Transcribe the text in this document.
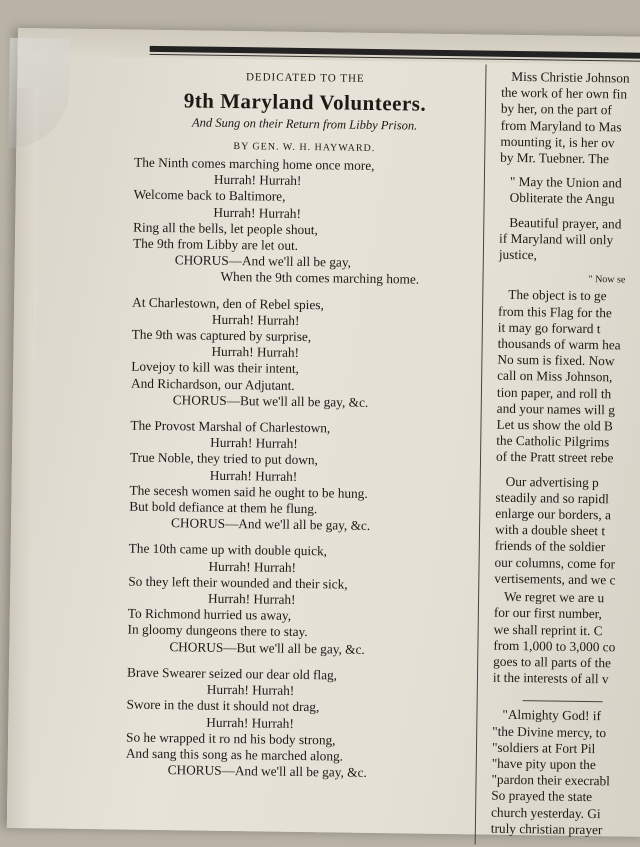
DEDICATED TO THE
9th Maryland Volunteers.
And Sung on their Return from Libby Prison.
BY GEN. W. H. HAYWARD.
The Ninth comes marching home once more,
Hurrah! Hurrah!
Welcome back to Baltimore,
Hurrah! Hurrah!
Ring all the bells, let people shout,
The 9th from Libby are let out.
CHORUS—And we'll all be gay,
When the 9th comes marching home.
At Charlestown, den of Rebel spies,
Hurrah! Hurrah!
The 9th was captured by surprise,
Hurrah! Hurrah!
Lovejoy to kill was their intent,
And Richardson, our Adjutant.
CHORUS—But we'll all be gay, &c.
The Provost Marshal of Charlestown,
Hurrah! Hurrah!
True Noble, they tried to put down,
Hurrah! Hurrah!
The secesh women said he ought to be hung.
But bold defiance at them he flung.
CHORUS—And we'll all be gay, &c.
The 10th came up with double quick,
Hurrah! Hurrah!
So they left their wounded and their sick,
Hurrah! Hurrah!
To Richmond hurried us away,
In gloomy dungeons there to stay.
CHORUS—But we'll all be gay, &c.
Brave Swearer seized our dear old flag,
Hurrah! Hurrah!
Swore in the dust it should not drag,
Hurrah! Hurrah!
So he wrapped it ro nd his body strong,
And sang this song as he marched along.
CHORUS—And we'll all be gay, &c.
Miss Christie Johnson
the work of her own fin
by her, on the part of
from Maryland to Mas
mounting it, is her ov
by Mr. Tuebner. The
" May the Union and
Obliterate the Angu
Beautiful prayer, and
if Maryland will only
justice,
" Now se
The object is to ge
from this Flag for the
it may go forward t
thousands of warm hea
No sum is fixed. Now
call on Miss Johnson,
tion paper, and roll th
and your names will g
Let us show the old B
the Catholic Pilgrims
of the Pratt street rebe
Our advertising p
steadily and so rapidl
enlarge our borders, a
with a double sheet t
friends of the soldier
our columns, come for
vertisements, and we c
We regret we are u
for our first number,
we shall reprint it. C
from 1,000 to 3,000 co
goes to all parts of the
it the interests of all v
"Almighty God! if
"the Divine mercy, to
"soldiers at Fort Pil
"have pity upon the
"pardon their execrabl
So prayed the state
church yesterday. Gi
truly christian prayer
